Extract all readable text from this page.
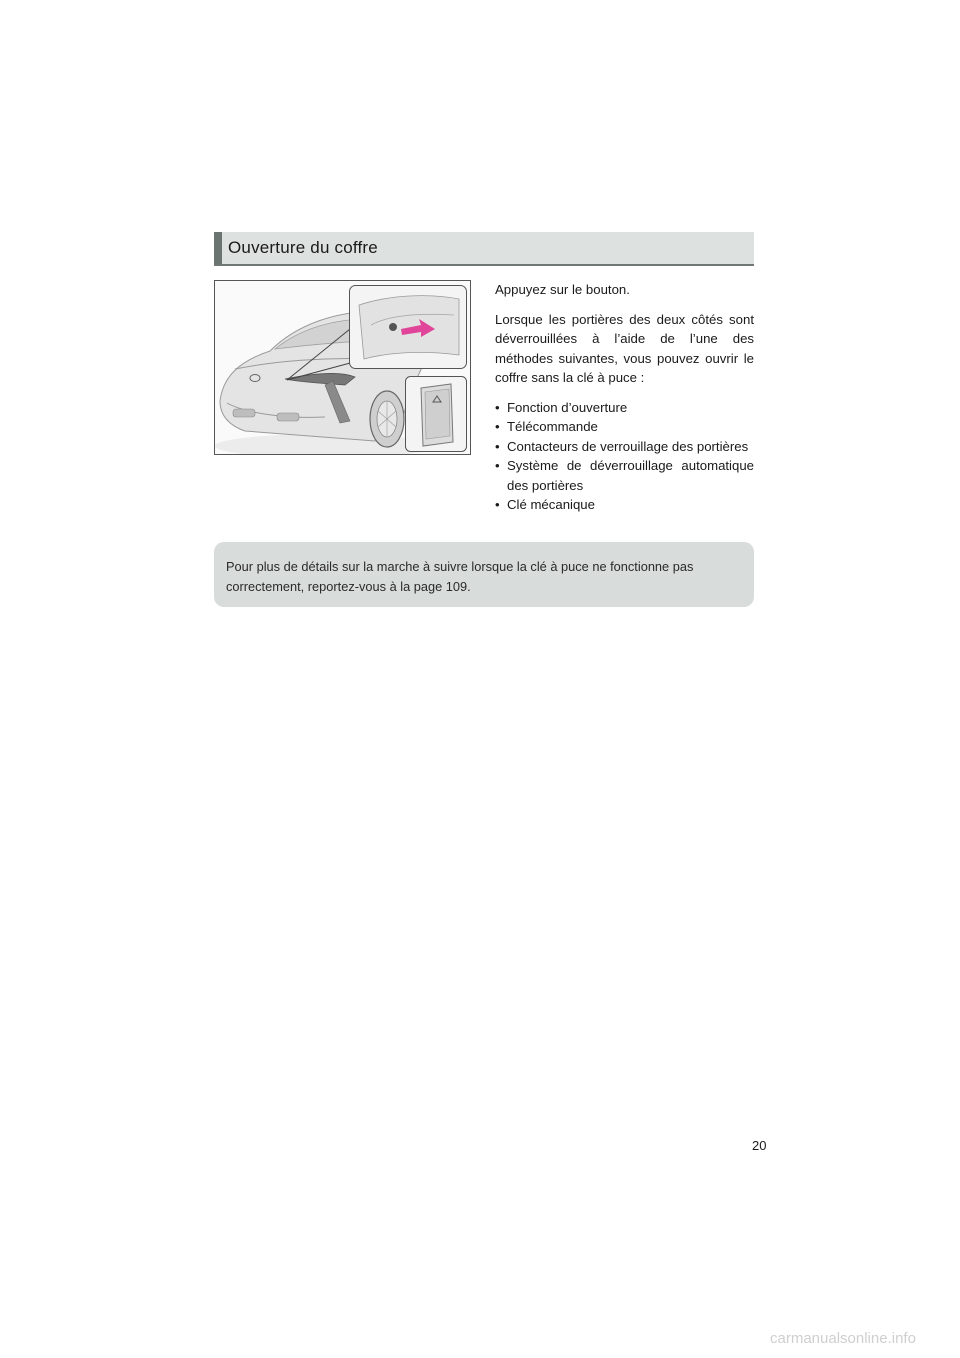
Ouverture du coffre

Appuyez sur le bouton.

Lorsque les portières des deux côtés sont déverrouillées à l’aide de l’une des méthodes suivantes, vous pouvez ouvrir le coffre sans la clé à puce :

• Fonction d’ouverture
• Télécommande
• Contacteurs de verrouillage des portières
• Système de déverrouillage automatique des portières
• Clé mécanique
Pour plus de détails sur la marche à suivre lorsque la clé à puce ne fonctionne pas correctement, reportez-vous à la page 109.
20
carmanualsonline.info
